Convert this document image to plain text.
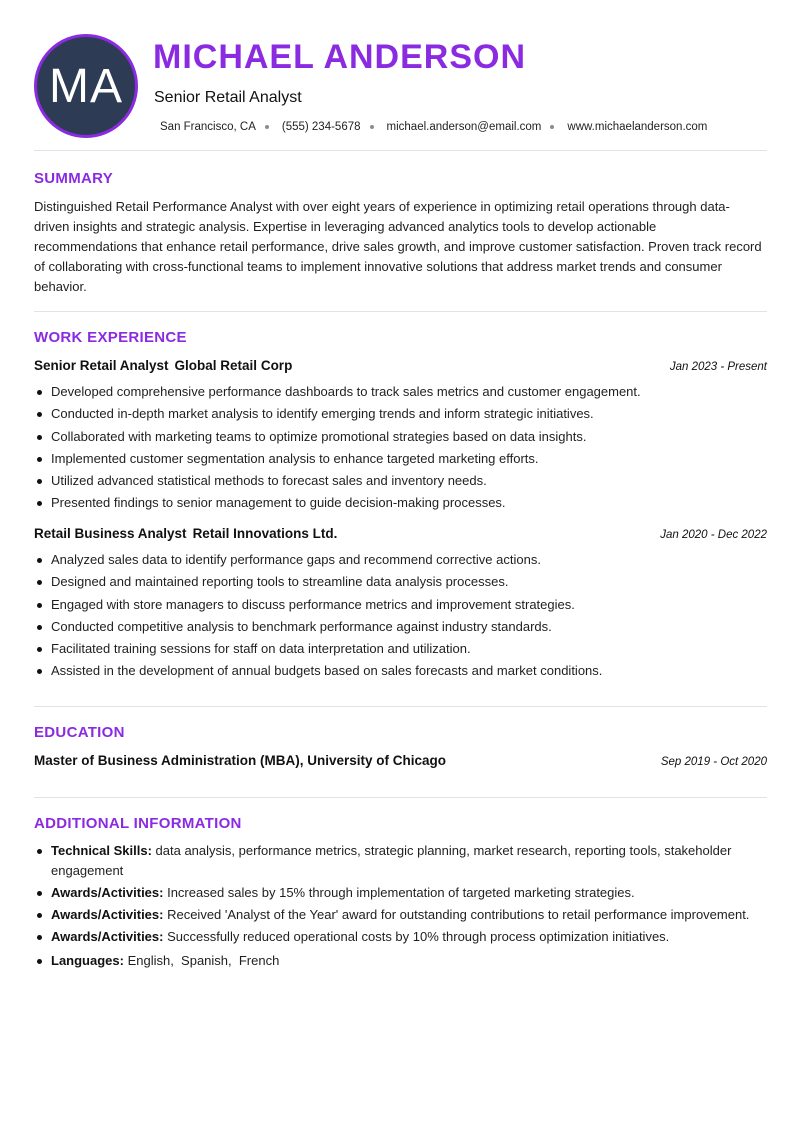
MA
MICHAEL ANDERSON
Senior Retail Analyst
San Francisco, CA (555) 234-5678 michael.anderson@email.com www.michaelanderson.com
SUMMARY
Distinguished Retail Performance Analyst with over eight years of experience in optimizing retail operations through data-driven insights and strategic analysis. Expertise in leveraging advanced analytics tools to develop actionable recommendations that enhance retail performance, drive sales growth, and improve customer satisfaction. Proven track record of collaborating with cross-functional teams to implement innovative solutions that address market trends and consumer behavior.
WORK EXPERIENCE
Senior Retail Analyst Global Retail Corp	Jan 2023 - Present
Developed comprehensive performance dashboards to track sales metrics and customer engagement.
Conducted in-depth market analysis to identify emerging trends and inform strategic initiatives.
Collaborated with marketing teams to optimize promotional strategies based on data insights.
Implemented customer segmentation analysis to enhance targeted marketing efforts.
Utilized advanced statistical methods to forecast sales and inventory needs.
Presented findings to senior management to guide decision-making processes.
Retail Business Analyst Retail Innovations Ltd.	Jan 2020 - Dec 2022
Analyzed sales data to identify performance gaps and recommend corrective actions.
Designed and maintained reporting tools to streamline data analysis processes.
Engaged with store managers to discuss performance metrics and improvement strategies.
Conducted competitive analysis to benchmark performance against industry standards.
Facilitated training sessions for staff on data interpretation and utilization.
Assisted in the development of annual budgets based on sales forecasts and market conditions.
EDUCATION
Master of Business Administration (MBA), University of Chicago	Sep 2019 - Oct 2020
ADDITIONAL INFORMATION
Technical Skills: data analysis, performance metrics, strategic planning, market research, reporting tools, stakeholder engagement
Awards/Activities: Increased sales by 15% through implementation of targeted marketing strategies.
Awards/Activities: Received 'Analyst of the Year' award for outstanding contributions to retail performance improvement.
Awards/Activities: Successfully reduced operational costs by 10% through process optimization initiatives.
Languages: English,  Spanish,  French
